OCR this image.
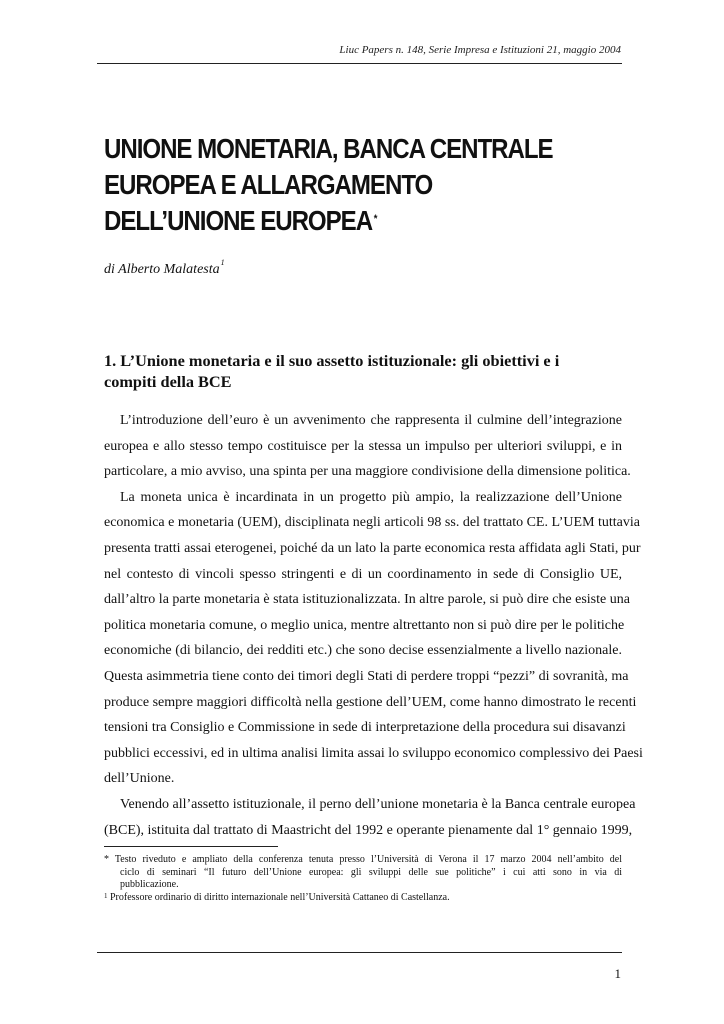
Liuc Papers n. 148, Serie Impresa e Istituzioni 21, maggio 2004
UNIONE MONETARIA, BANCA CENTRALE
EUROPEA E ALLARGAMENTO
DELL’UNIONE EUROPEA *
di Alberto Malatesta$^1$
1. L’Unione monetaria e il suo assetto istituzionale: gli obiettivi e i
compiti della BCE
L’introduzione dell’euro è un avvenimento che rappresenta il culmine dell’integrazione
europea e allo stesso tempo costituisce per la stessa un impulso per ulteriori sviluppi, e in
particolare, a mio avviso, una spinta per una maggiore condivisione della dimensione politica.
La moneta unica è incardinata in un progetto più ampio, la realizzazione dell’Unione
economica e monetaria (UEM), disciplinata negli articoli 98 ss. del trattato CE. L’UEM tuttavia
presenta tratti assai eterogenei, poiché da un lato la parte economica resta affidata agli Stati, pur
nel contesto di vincoli spesso stringenti e di un coordinamento in sede di Consiglio UE,
dall’altro la parte monetaria è stata istituzionalizzata. In altre parole, si può dire che esiste una
politica monetaria comune, o meglio unica, mentre altrettanto non si può dire per le politiche
economiche (di bilancio, dei redditi etc.) che sono decise essenzialmente a livello nazionale.
Questa asimmetria tiene conto dei timori degli Stati di perdere troppi “pezzi” di sovranità, ma
produce sempre maggiori difficoltà nella gestione dell’UEM, come hanno dimostrato le recenti
tensioni tra Consiglio e Commissione in sede di interpretazione della procedura sui disavanzi
pubblici eccessivi, ed in ultima analisi limita assai lo sviluppo economico complessivo dei Paesi
dell’Unione.
Venendo all’assetto istituzionale, il perno dell’unione monetaria è la Banca centrale europea
(BCE), istituita dal trattato di Maastricht del 1992 e operante pienamente dal 1° gennaio 1999,
* Testo riveduto e ampliato della conferenza tenuta presso l’Università di Verona il 17 marzo 2004 nell’ambito del
ciclo di seminari “Il futuro dell’Unione europea: gli sviluppi delle sue politiche” i cui atti sono in via di
pubblicazione.
$^1$ Professore ordinario di diritto internazionale nell’Università Cattaneo di Castellanza.
1
